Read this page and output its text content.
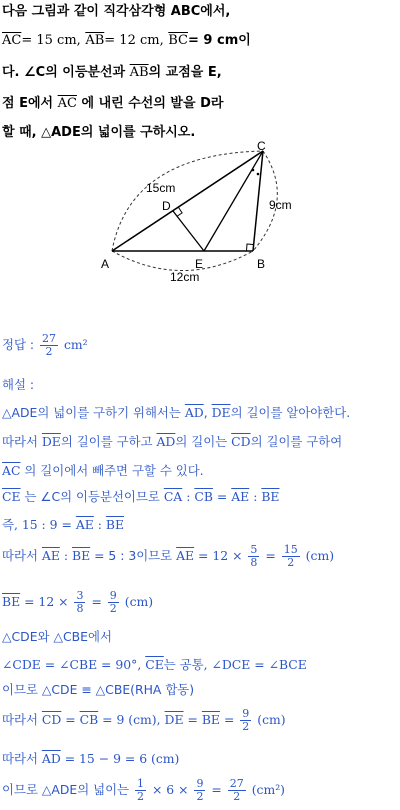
다음 그림과 같이 직각삼각형 ABC에서,
$\overline{AC}= 15$ cm, $\overline{AB}= 12$ cm, $\overline{BC}= 9$ cm이
다. ∠C의 이등분선과 $\overline{AB}$의 교점을 E,
점 E에서 $\overline{AC}$ 에 내린 수선의 발을 D라
할 때, △ADE의 넓이를 구하시오.
C
D
A	E	B
15cm
12cm
9cm
정답 : $\frac{27}{2} cm^2$
해설 :
△ADE의 넓이를 구하기 위해서는 $\overline{AD}$, $\overline{DE}$의 길이를 알아야한다.
따라서 $\overline{DE}$의 길이를 구하고 $\overline{AD}$의 길이는 $\overline{CD}$의 길이를 구하여
$\overline{AC}$ 의 길이에서 빼주면 구할 수 있다.
$\overline{CE}$ 는 ∠C의 이등분선이므로 $\overline{CA}$ : $\overline{CB} = \overline{AE}$ : $\overline{BE}$
즉, 15 : $9 = \overline{AE}$ : $\overline{BE}$
따라서 $\overline{AE}$ : $\overline{BE} = 5$ : 3이므로 $\overline{AE} = 12 \times \frac{5}{8} = \frac{15}{2} (cm)$
$\overline{BE} = 12 \times \frac{3}{8} = \frac{9}{2} (cm)$
△CDE와 △CBE에서
∠CDE = ∠CBE = 90°, $\overline{CE}$는 공통, ∠DCE = ∠BCE
이므로 △CDE ≡ △CBE(RHA 합동)
따라서 $\overline{CD} = \overline{CB} = 9$ (cm), $\overline{DE} = \overline{BE} = \frac{9}{2} (cm)$
따라서 $\overline{AD} = 15 - 9 = 6$ (cm)
이므로 △ADE의 넓이는 $\frac{1}{2} \times 6 \times \frac{9}{2} = \frac{27}{2} (cm^2)$
